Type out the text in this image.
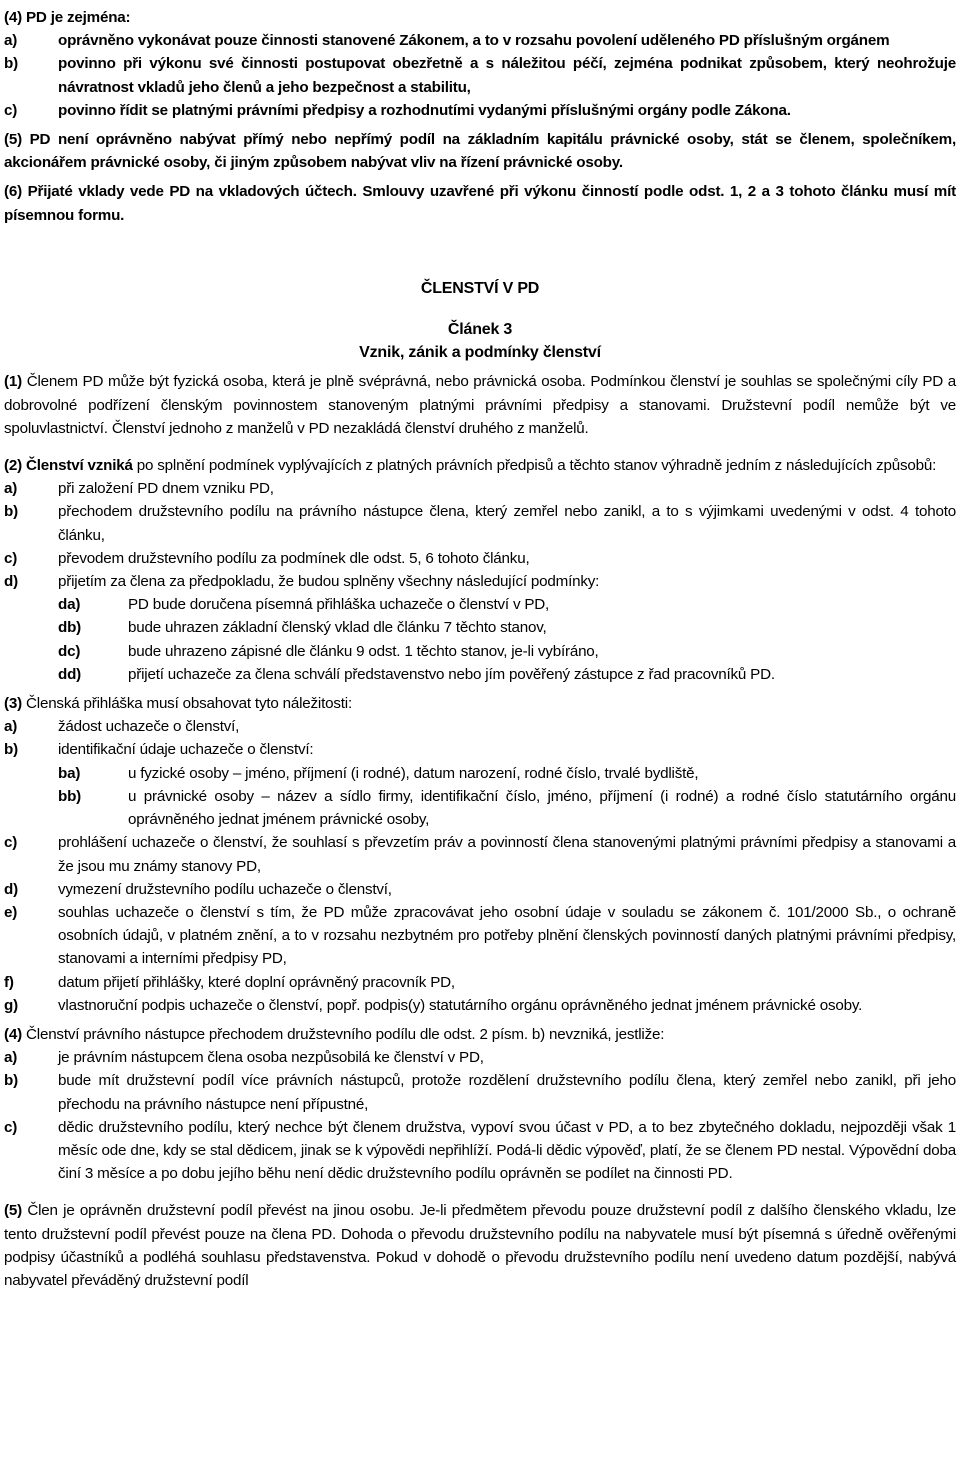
(4) PD je zejména:

a)	oprávněno vykonávat pouze činnosti stanovené Zákonem, a to v rozsahu povolení uděleného PD příslušným orgánem

b)	povinno při výkonu své činnosti postupovat obezřetně a s náležitou péčí, zejména podnikat způsobem, který neohrožuje návratnost vkladů jeho členů a jeho bezpečnost a stabilitu,

c)	povinno řídit se platnými právními předpisy a rozhodnutími vydanými příslušnými orgány podle Zákona.

(5) PD není oprávněno nabývat přímý nebo nepřímý podíl na základním kapitálu právnické osoby, stát se členem, společníkem, akcionářem právnické osoby, či jiným způsobem nabývat vliv na řízení právnické osoby.

(6) Přijaté vklady vede PD na vkladových účtech. Smlouvy uzavřené při výkonu činností podle odst. 1, 2 a 3 tohoto článku musí mít písemnou formu.

ČLENSTVÍ V PD

Článek 3

Vznik, zánik a podmínky členství

(1) Členem PD může být fyzická osoba, která je plně svéprávná, nebo právnická osoba. Podmínkou členství je souhlas se společnými cíly PD a dobrovolné podřízení členským povinnostem stanoveným platnými právními předpisy a stanovami. Družstevní podíl nemůže být ve spoluvlastnictví. Členství jednoho z manželů v PD nezakládá členství druhého z manželů.

(2) Členství vzniká po splnění podmínek vyplývajících z platných právních předpisů a těchto stanov výhradně jedním z následujících způsobů:

a)	při založení PD dnem vzniku PD,

b)	přechodem družstevního podílu na právního nástupce člena, který zemřel nebo zanikl, a to s výjimkami uvedenými v odst. 4 tohoto článku,

c)	převodem družstevního podílu za podmínek dle odst. 5, 6 tohoto článku,

d)	přijetím za člena za předpokladu, že budou splněny všechny následující podmínky:

da)	PD bude doručena písemná přihláška uchazeče o členství v PD,

db)	bude uhrazen základní členský vklad dle článku 7 těchto stanov,

dc)	bude uhrazeno zápisné dle článku 9 odst. 1 těchto stanov, je-li vybíráno,

dd)	přijetí uchazeče za člena schválí představenstvo nebo jím pověřený zástupce z řad pracovníků PD.

(3) Členská přihláška musí obsahovat tyto náležitosti:

a)	žádost uchazeče o členství,

b)	identifikační údaje uchazeče o členství:

ba)	u fyzické osoby – jméno, příjmení (i rodné), datum narození, rodné číslo, trvalé bydliště,

bb)	u právnické osoby – název a sídlo firmy, identifikační číslo, jméno, příjmení (i rodné) a rodné číslo statutárního orgánu oprávněného jednat jménem právnické osoby,

c)	prohlášení uchazeče o členství, že souhlasí s převzetím práv a povinností člena stanovenými platnými právními předpisy a stanovami a že jsou mu známy stanovy PD,

d)	vymezení družstevního podílu uchazeče o členství,

e)	souhlas uchazeče o členství s tím, že PD může zpracovávat jeho osobní údaje v souladu se zákonem č. 101/2000 Sb., o ochraně osobních údajů, v platném znění, a to v rozsahu nezbytném pro potřeby plnění členských povinností daných platnými právními předpisy, stanovami a interními předpisy PD,

f)	datum přijetí přihlášky, které doplní oprávněný pracovník PD,

g)	vlastnoruční podpis uchazeče o členství, popř. podpis(y) statutárního orgánu oprávněného jednat jménem právnické osoby.

(4) Členství právního nástupce přechodem družstevního podílu dle odst. 2 písm. b) nevzniká, jestliže:

a)	je právním nástupcem člena osoba nezpůsobilá ke členství v PD,

b)	bude mít družstevní podíl více právních nástupců, protože rozdělení družstevního podílu člena, který zemřel nebo zanikl, při jeho přechodu na právního nástupce není přípustné,

c)	dědic družstevního podílu, který nechce být členem družstva, vypoví svou účast v PD, a to bez zbytečného dokladu, nejpozději však 1 měsíc ode dne, kdy se stal dědicem, jinak se k výpovědi nepřihlíží. Podá-li dědic výpověď, platí, že se členem PD nestal. Výpovědní doba činí 3 měsíce a po dobu jejího běhu není dědic družstevního podílu oprávněn se podílet na činnosti PD.

(5) Člen je oprávněn družstevní podíl převést na jinou osobu. Je-li předmětem převodu pouze družstevní podíl z dalšího členského vkladu, lze tento družstevní podíl převést pouze na člena PD. Dohoda o převodu družstevního podílu na nabyvatele musí být písemná s úředně ověřenými podpisy účastníků a podléhá souhlasu představenstva. Pokud v dohodě o převodu družstevního podílu není uvedeno datum pozdější, nabývá nabyvatel převáděný družstevní podíl
